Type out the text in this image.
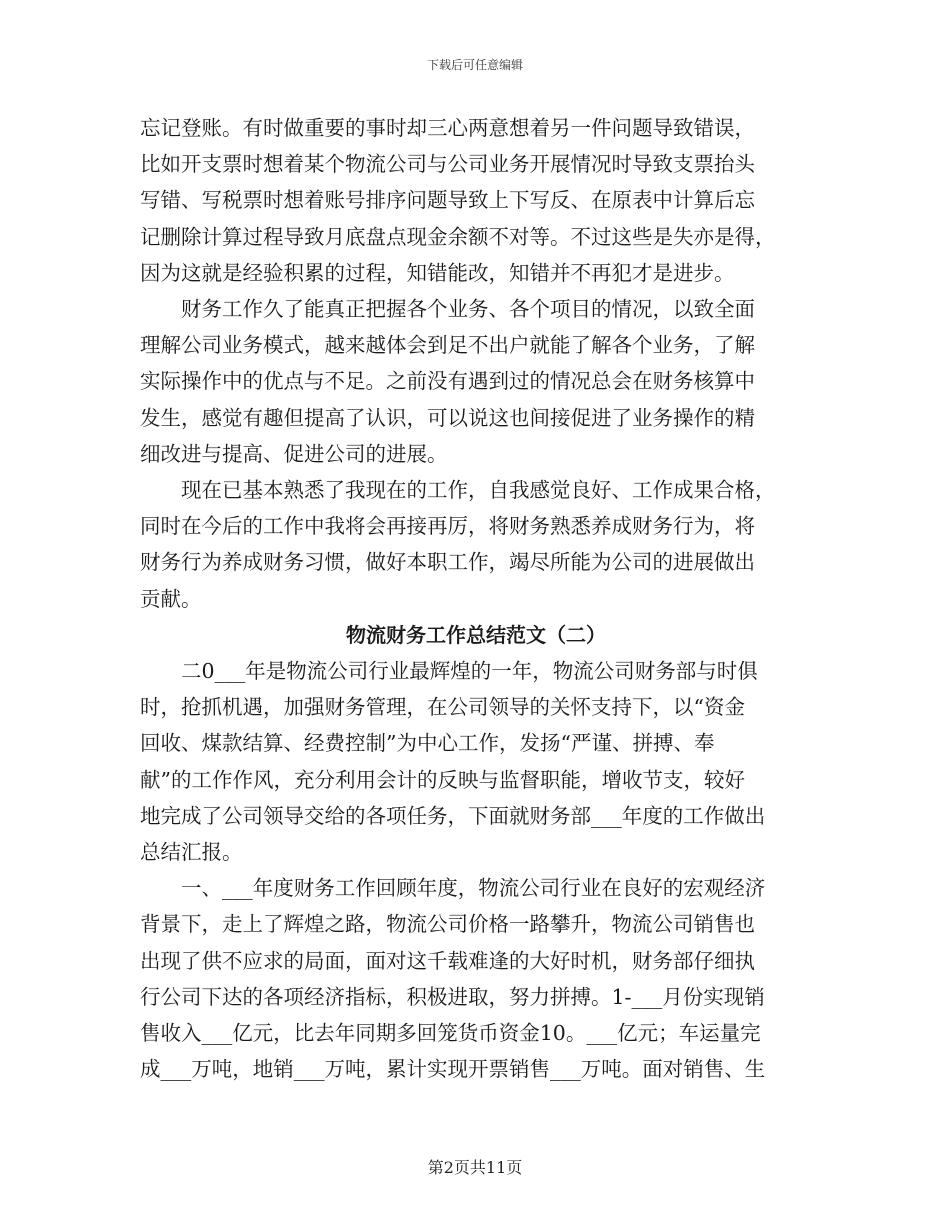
下载后可任意编辑
忘记登账。有时做重要的事时却三心两意想着另一件问题导致错误，
比如开支票时想着某个物流公司与公司业务开展情况时导致支票抬头
写错、写税票时想着账号排序问题导致上下写反、在原表中计算后忘
记删除计算过程导致月底盘点现金余额不对等。不过这些是失亦是得，
因为这就是经验积累的过程，知错能改，知错并不再犯才是进步。
　　财务工作久了能真正把握各个业务、各个项目的情况，以致全面
理解公司业务模式，越来越体会到足不出户就能了解各个业务，了解
实际操作中的优点与不足。之前没有遇到过的情况总会在财务核算中
发生，感觉有趣但提高了认识，可以说这也间接促进了业务操作的精
细改进与提高、促进公司的进展。
　　现在已基本熟悉了我现在的工作，自我感觉良好、工作成果合格，
同时在今后的工作中我将会再接再厉，将财务熟悉养成财务行为，将
财务行为养成财务习惯，做好本职工作，竭尽所能为公司的进展做出
贡献。
物流财务工作总结范文（二）
　　二0___年是物流公司行业最辉煌的一年，物流公司财务部与时俱
时，抢抓机遇，加强财务管理，在公司领导的关怀支持下，以“资金
回收、煤款结算、经费控制”为中心工作，发扬“严谨、拼搏、奉
献”的工作作风，充分利用会计的反映与监督职能，增收节支，较好
地完成了公司领导交给的各项任务，下面就财务部___年度的工作做出
总结汇报。
　　一、___年度财务工作回顾年度，物流公司行业在良好的宏观经济
背景下，走上了辉煌之路，物流公司价格一路攀升，物流公司销售也
出现了供不应求的局面，面对这千载难逢的大好时机，财务部仔细执
行公司下达的各项经济指标，积极进取，努力拼搏。1-___月份实现销
售收入___亿元，比去年同期多回笼货币资金10。___亿元；车运量完
成___万吨，地销___万吨，累计实现开票销售___万吨。面对销售、生
第2页共11页
